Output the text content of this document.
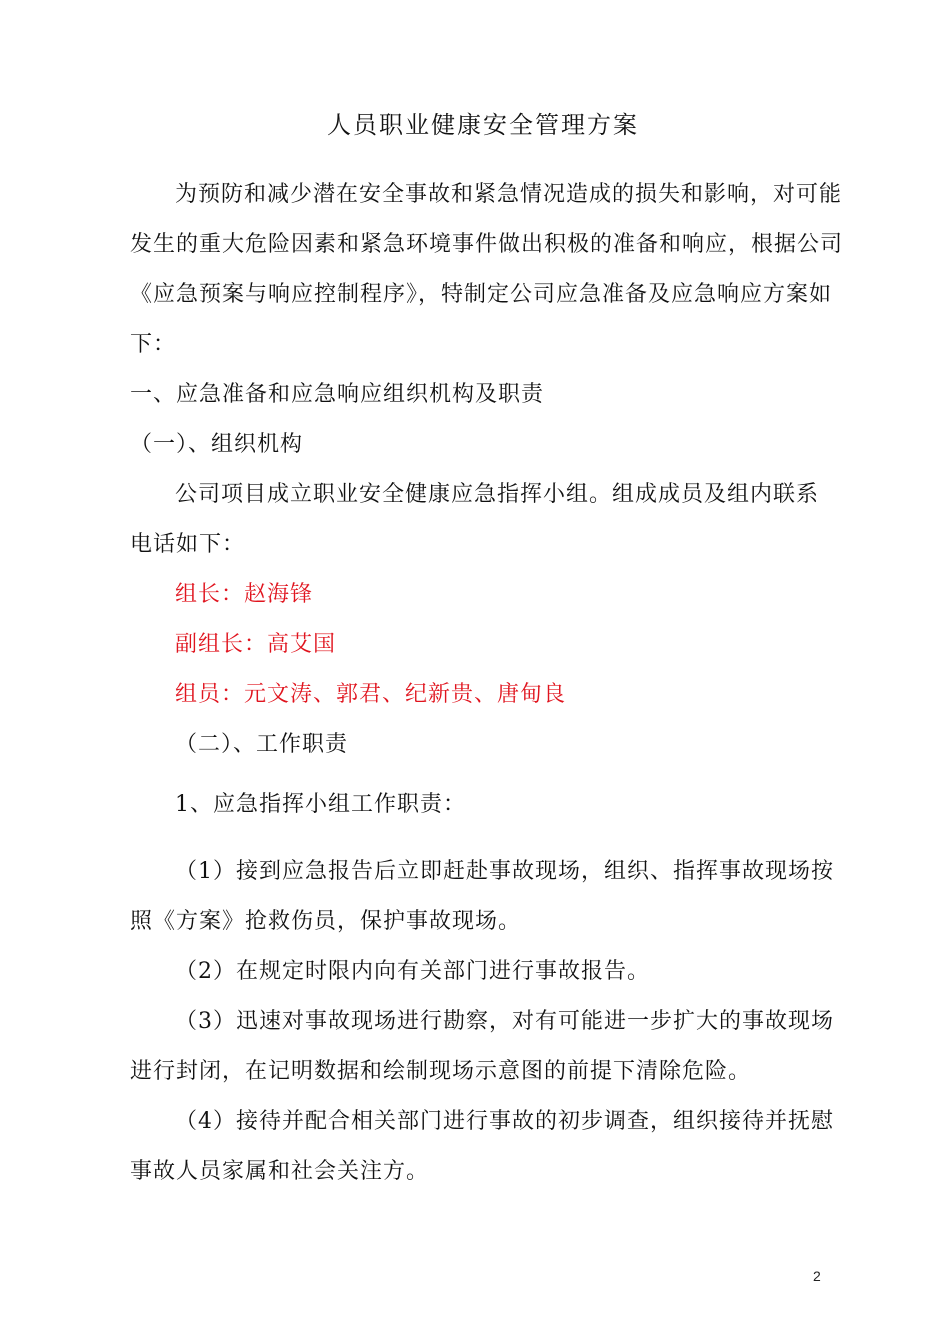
人员职业健康安全管理方案
为预防和减少潜在安全事故和紧急情况造成的损失和影响，对可能
发生的重大危险因素和紧急环境事件做出积极的准备和响应，根据公司
《应急预案与响应控制程序》，特制定公司应急准备及应急响应方案如
下：
一、应急准备和应急响应组织机构及职责
（一）、组织机构
公司项目成立职业安全健康应急指挥小组。组成成员及组内联系
电话如下：
组长：赵海锋
副组长：高艾国
组员：元文涛、郭君、纪新贵、唐甸良
（二）、工作职责
1、应急指挥小组工作职责：
（1）接到应急报告后立即赶赴事故现场，组织、指挥事故现场按
照《方案》抢救伤员，保护事故现场。
（2）在规定时限内向有关部门进行事故报告。
（3）迅速对事故现场进行勘察，对有可能进一步扩大的事故现场
进行封闭，在记明数据和绘制现场示意图的前提下清除危险。
（4）接待并配合相关部门进行事故的初步调查，组织接待并抚慰
事故人员家属和社会关注方。
2
